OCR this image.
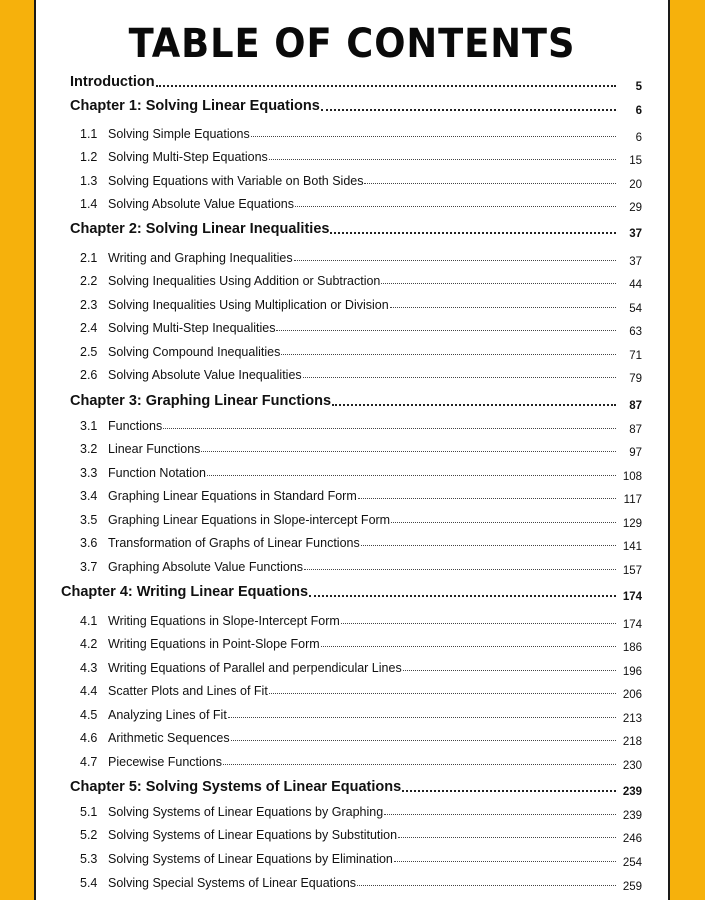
TABLE OF CONTENTS
Introduction	5
Chapter 1: Solving Linear Equations	6
1.1 Solving Simple Equations	6
1.2 Solving Multi-Step Equations	15
1.3 Solving Equations with Variable on Both Sides	20
1.4 Solving Absolute Value Equations	29
Chapter 2: Solving Linear Inequalities	37
2.1 Writing and Graphing Inequalities	37
2.2 Solving Inequalities Using Addition or Subtraction	44
2.3 Solving Inequalities Using Multiplication or Division	54
2.4 Solving Multi-Step Inequalities	63
2.5 Solving Compound Inequalities	71
2.6 Solving Absolute Value Inequalities	79
Chapter 3: Graphing Linear Functions	87
3.1 Functions	87
3.2 Linear Functions	97
3.3 Function Notation	108
3.4 Graphing Linear Equations in Standard Form	117
3.5 Graphing Linear Equations in Slope-intercept Form	129
3.6 Transformation of Graphs of Linear Functions	141
3.7 Graphing Absolute Value Functions	157
Chapter 4: Writing Linear Equations	174
4.1 Writing Equations in Slope-Intercept Form	174
4.2 Writing Equations in Point-Slope Form	186
4.3 Writing Equations of Parallel and perpendicular Lines	196
4.4 Scatter Plots and Lines of Fit	206
4.5 Analyzing Lines of Fit	213
4.6 Arithmetic Sequences	218
4.7 Piecewise Functions	230
Chapter 5: Solving Systems of Linear Equations	239
5.1 Solving Systems of Linear Equations by Graphing	239
5.2 Solving Systems of Linear Equations by Substitution	246
5.3 Solving Systems of Linear Equations by Elimination	254
5.4 Solving Special Systems of Linear Equations	259
